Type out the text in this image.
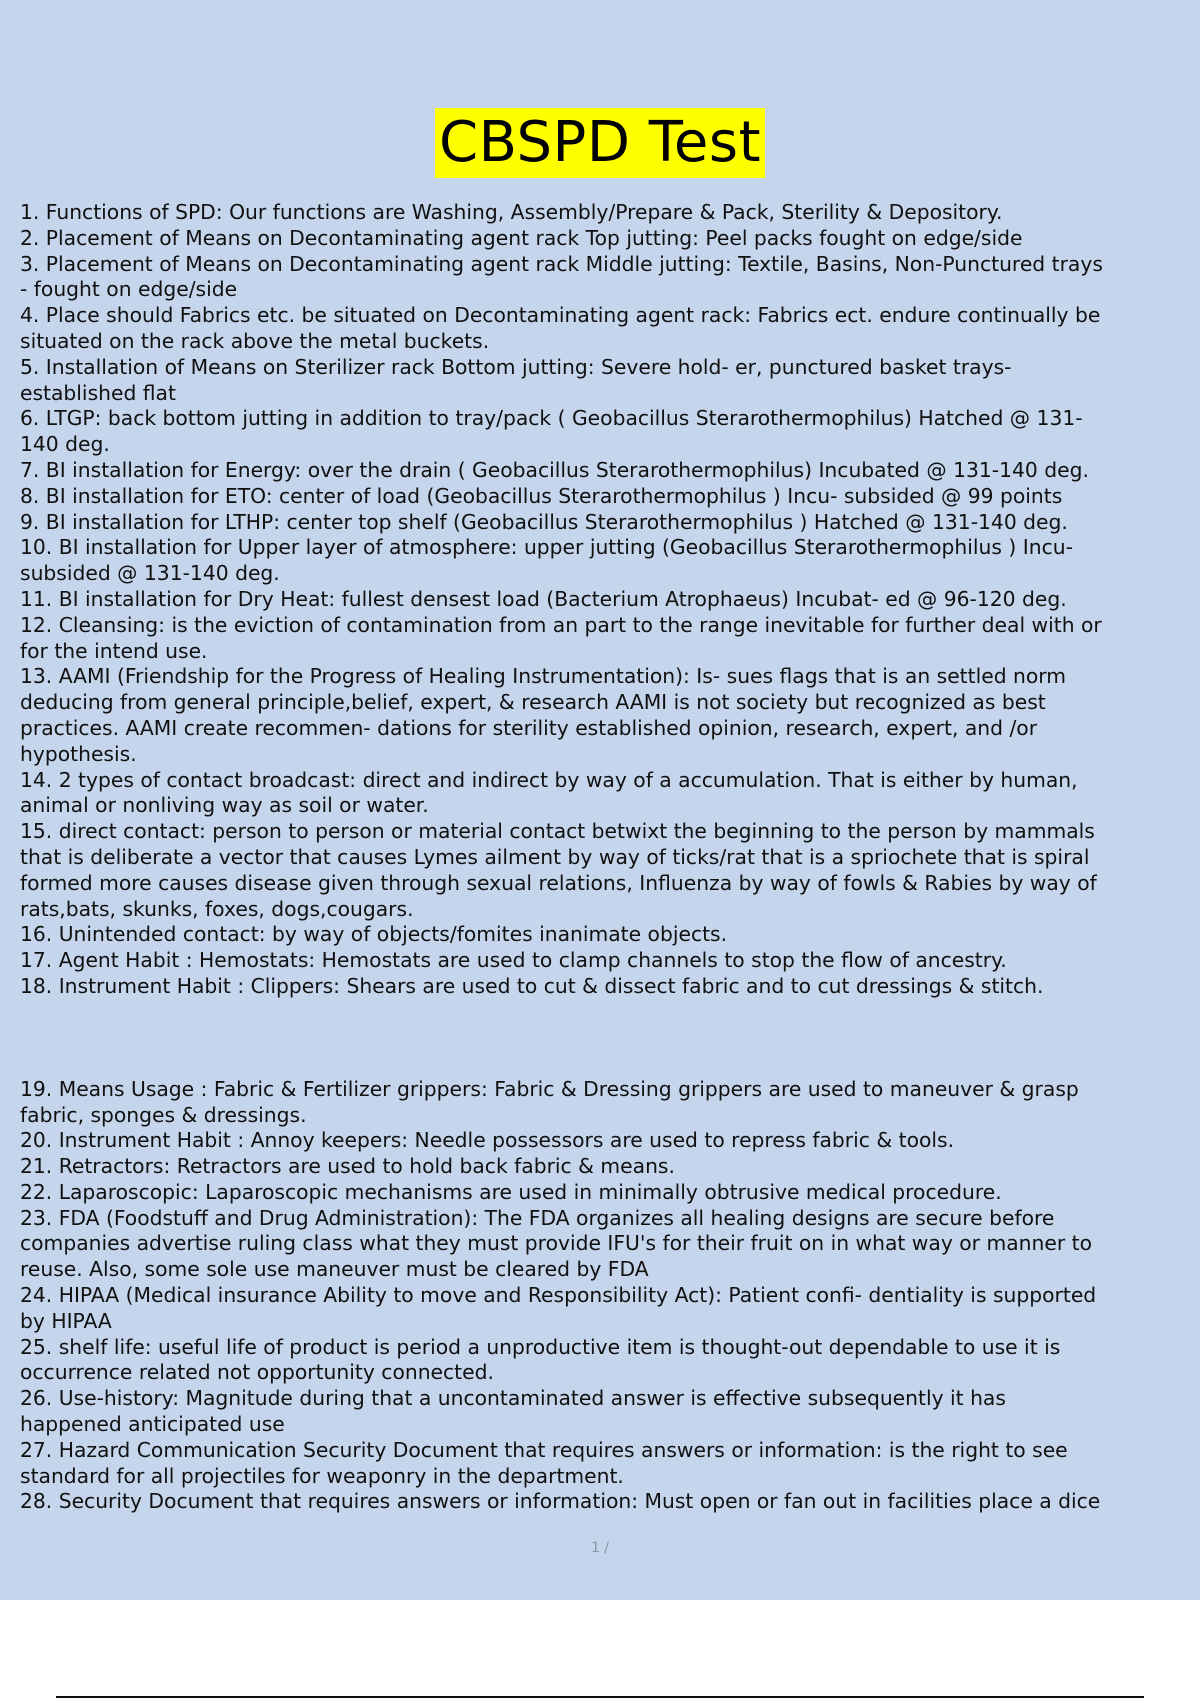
CBSPD Test
1. Functions of SPD: Our functions are Washing, Assembly/Prepare & Pack, Sterility & Depository.
2. Placement of Means on Decontaminating agent rack Top jutting: Peel packs fought on edge/side
3. Placement of Means on Decontaminating agent rack Middle jutting: Textile, Basins, Non-Punctured trays
- fought on edge/side
4. Place should Fabrics etc. be situated on Decontaminating agent rack: Fabrics ect. endure continually be
situated on the rack above the metal buckets.
5. Installation of Means on Sterilizer rack Bottom jutting: Severe hold- er, punctured basket trays-
established flat
6. LTGP: back bottom jutting in addition to tray/pack ( Geobacillus Sterarothermophilus) Hatched @ 131-
140 deg.
7. BI installation for Energy: over the drain ( Geobacillus Sterarothermophilus) Incubated @ 131-140 deg.
8. BI installation for ETO: center of load (Geobacillus Sterarothermophilus ) Incu- subsided @ 99 points
9. BI installation for LTHP: center top shelf (Geobacillus Sterarothermophilus ) Hatched @ 131-140 deg.
10. BI installation for Upper layer of atmosphere: upper jutting (Geobacillus Sterarothermophilus ) Incu-
subsided @ 131-140 deg.
11. BI installation for Dry Heat: fullest densest load (Bacterium Atrophaeus) Incubat- ed @ 96-120 deg.
12. Cleansing: is the eviction of contamination from an part to the range inevitable for further deal with or
for the intend use.
13. AAMI (Friendship for the Progress of Healing Instrumentation): Is- sues flags that is an settled norm
deducing from general principle,belief, expert, & research AAMI is not society but recognized as best
practices. AAMI create recommen- dations for sterility established opinion, research, expert, and /or
hypothesis.
14. 2 types of contact broadcast: direct and indirect by way of a accumulation. That is either by human,
animal or nonliving way as soil or water.
15. direct contact: person to person or material contact betwixt the beginning to the person by mammals
that is deliberate a vector that causes Lymes ailment by way of ticks/rat that is a spriochete that is spiral
formed more causes disease given through sexual relations, Influenza by way of fowls & Rabies by way of
rats,bats, skunks, foxes, dogs,cougars.
16. Unintended contact: by way of objects/fomites inanimate objects.
17. Agent Habit : Hemostats: Hemostats are used to clamp channels to stop the flow of ancestry.
18. Instrument Habit : Clippers: Shears are used to cut & dissect fabric and to cut dressings & stitch.
19. Means Usage : Fabric & Fertilizer grippers: Fabric & Dressing grippers are used to maneuver & grasp
fabric, sponges & dressings.
20. Instrument Habit : Annoy keepers: Needle possessors are used to repress fabric & tools.
21. Retractors: Retractors are used to hold back fabric & means.
22. Laparoscopic: Laparoscopic mechanisms are used in minimally obtrusive medical procedure.
23. FDA (Foodstuff and Drug Administration): The FDA organizes all healing designs are secure before
companies advertise ruling class what they must provide IFU's for their fruit on in what way or manner to
reuse. Also, some sole use maneuver must be cleared by FDA
24. HIPAA (Medical insurance Ability to move and Responsibility Act): Patient confi- dentiality is supported
by HIPAA
25. shelf life: useful life of product is period a unproductive item is thought-out dependable to use it is
occurrence related not opportunity connected.
26. Use-history: Magnitude during that a uncontaminated answer is effective subsequently it has
happened anticipated use
27. Hazard Communication Security Document that requires answers or information: is the right to see
standard for all projectiles for weaponry in the department.
28. Security Document that requires answers or information: Must open or fan out in facilities place a dice
1 /
